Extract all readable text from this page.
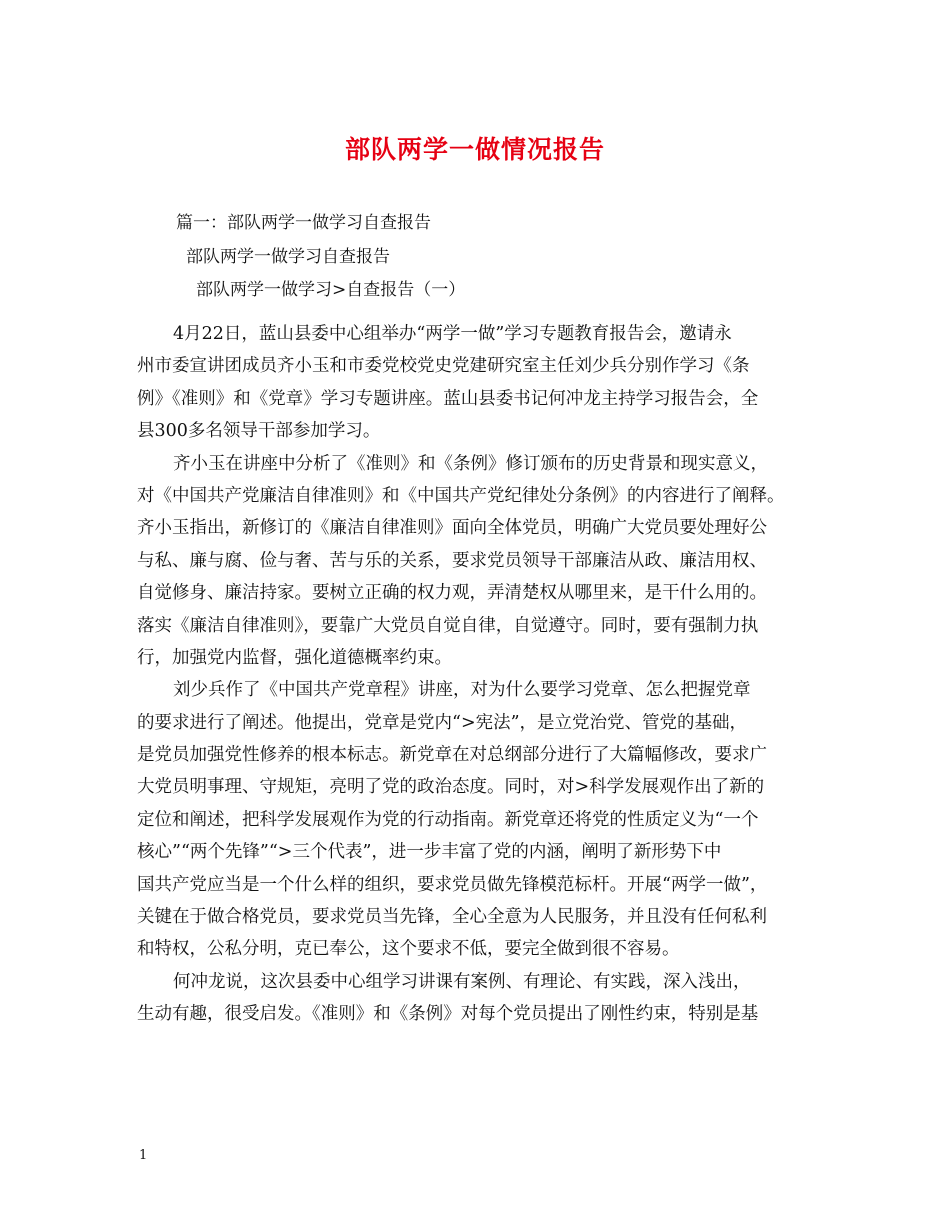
部队两学一做情况报告
篇一：部队两学一做学习自查报告
部队两学一做学习自查报告
部队两学一做学习>自查报告（一）
4月22日，蓝山县委中心组举办“两学一做”学习专题教育报告会，邀请永
州市委宣讲团成员齐小玉和市委党校党史党建研究室主任刘少兵分别作学习《条
例》《准则》和《党章》学习专题讲座。蓝山县委书记何冲龙主持学习报告会，全
县300多名领导干部参加学习。
齐小玉在讲座中分析了《准则》和《条例》修订颁布的历史背景和现实意义，
对《中国共产党廉洁自律准则》和《中国共产党纪律处分条例》的内容进行了阐释。
齐小玉指出，新修订的《廉洁自律准则》面向全体党员，明确广大党员要处理好公
与私、廉与腐、俭与奢、苦与乐的关系，要求党员领导干部廉洁从政、廉洁用权、
自觉修身、廉洁持家。要树立正确的权力观，弄清楚权从哪里来，是干什么用的。
落实《廉洁自律准则》，要靠广大党员自觉自律，自觉遵守。同时，要有强制力执
行，加强党内监督，强化道德概率约束。
刘少兵作了《中国共产党章程》讲座，对为什么要学习党章、怎么把握党章
的要求进行了阐述。他提出，党章是党内“>宪法”，是立党治党、管党的基础，
是党员加强党性修养的根本标志。新党章在对总纲部分进行了大篇幅修改，要求广
大党员明事理、守规矩，亮明了党的政治态度。同时，对>科学发展观作出了新的
定位和阐述，把科学发展观作为党的行动指南。新党章还将党的性质定义为“一个
核心”“两个先锋”“>三个代表”，进一步丰富了党的内涵，阐明了新形势下中
国共产党应当是一个什么样的组织，要求党员做先锋模范标杆。开展“两学一做”，
关键在于做合格党员，要求党员当先锋，全心全意为人民服务，并且没有任何私利
和特权，公私分明，克已奉公，这个要求不低，要完全做到很不容易。
何冲龙说，这次县委中心组学习讲课有案例、有理论、有实践，深入浅出，
生动有趣，很受启发。《准则》和《条例》对每个党员提出了刚性约束，特别是基
1
